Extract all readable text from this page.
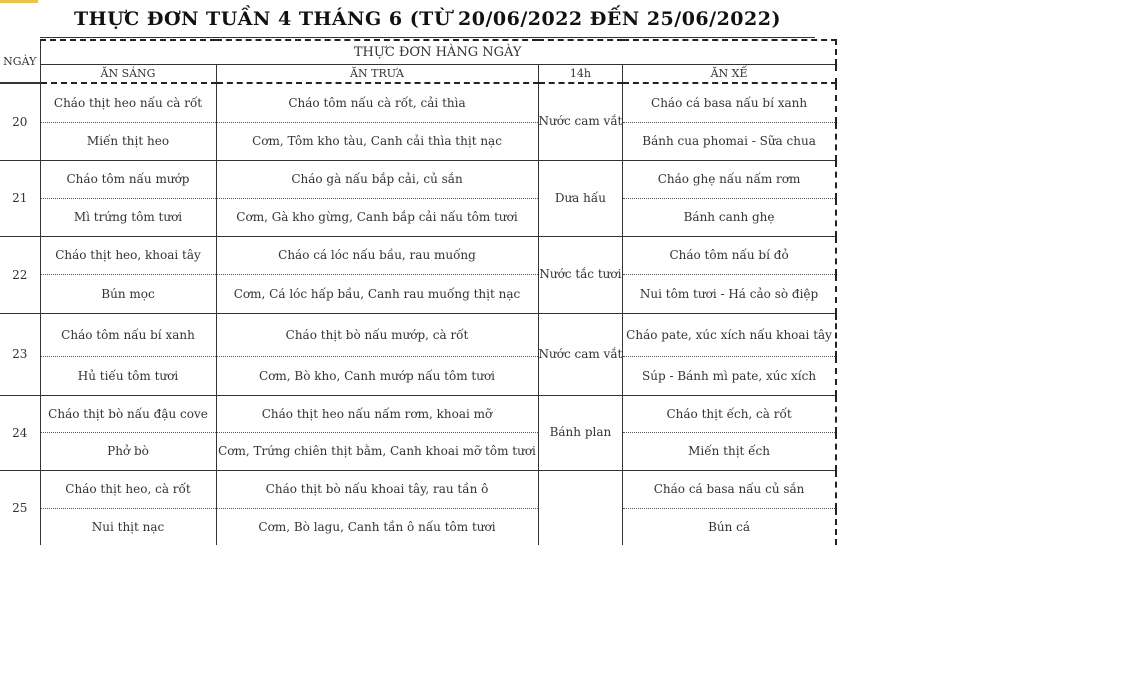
THỰC ĐƠN TUẦN 4 THÁNG 6 (TỪ 20/06/2022 ĐẾN 25/06/2022)
NGÀY	THỰC ĐƠN HÀNG NGÀY			
	ĂN SÁNG	ĂN TRƯA	14h	ĂN XẾ
20	Cháo thịt heo nấu cà rốt	Cháo tôm nấu cà rốt, cải thìa	Nước cam vắt	Cháo cá basa nấu bí xanh
	Miến thịt heo	Cơm, Tôm kho tàu, Canh cải thìa thịt nạc		Bánh cua phomai - Sữa chua
21	Cháo tôm nấu mướp	Cháo gà nấu bắp cải, củ sắn	Dưa hấu	Cháo ghẹ nấu nấm rơm
	Mì trứng tôm tươi	Cơm, Gà kho gừng, Canh bắp cải nấu tôm tươi		Bánh canh ghẹ
22	Cháo thịt heo, khoai tây	Cháo cá lóc nấu bầu, rau muống	Nước tắc tươi	Cháo tôm nấu bí đỏ
	Bún mọc	Cơm, Cá lóc hấp bầu, Canh rau muống thịt nạc		Nui tôm tươi - Há cảo sò điệp
23	Cháo tôm nấu bí xanh	Cháo thịt bò nấu mướp, cà rốt	Nước cam vắt	Cháo pate, xúc xích nấu khoai tây
	Hủ tiếu tôm tươi	Cơm, Bò kho, Canh mướp nấu tôm tươi		Súp - Bánh mì pate, xúc xích
24	Cháo thịt bò nấu đậu cove	Cháo thịt heo nấu nấm rơm, khoai mỡ	Bánh plan	Cháo thịt ếch, cà rốt
	Phở bò	Cơm, Trứng chiên thịt bằm, Canh khoai mỡ tôm tươi		Miến thịt ếch
25	Cháo thịt heo, cà rốt	Cháo thịt bò nấu khoai tây, rau tần ô		Cháo cá basa nấu củ sắn
	Nui thịt nạc	Cơm, Bò lagu, Canh tần ô nấu tôm tươi		Bún cá
